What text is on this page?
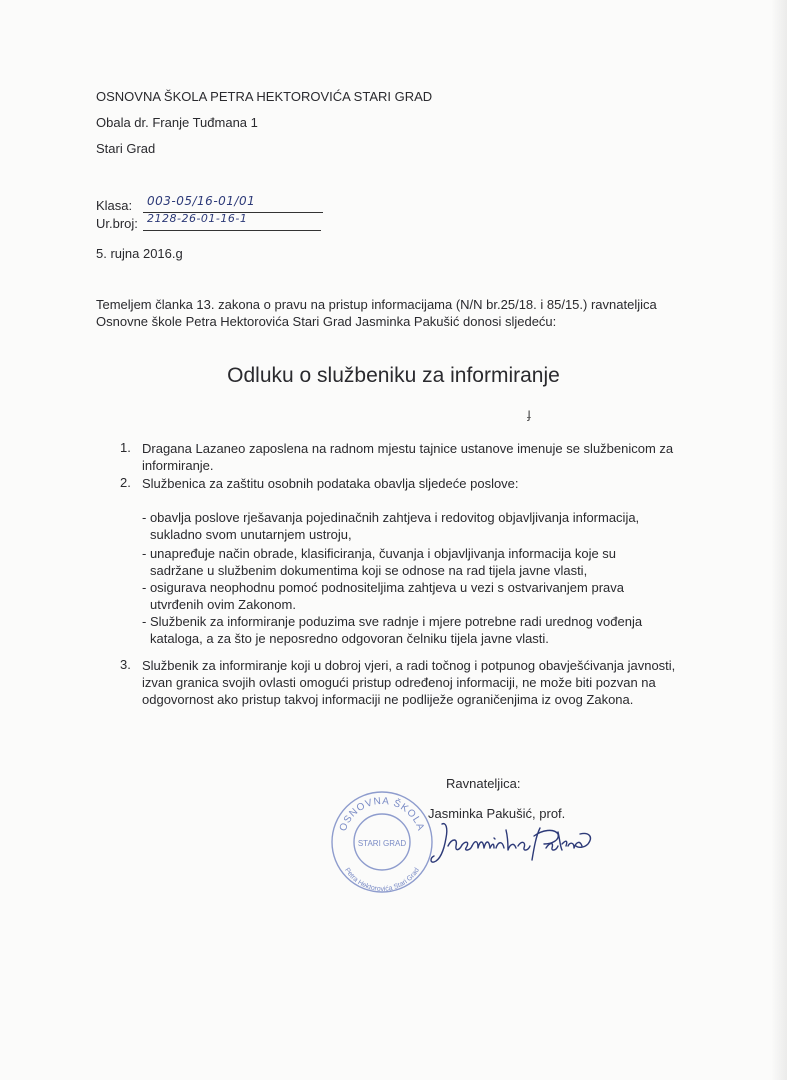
OSNOVNA ŠKOLA PETRA HEKTOROVIĆA STARI GRAD
Obala dr. Franje Tuđmana 1
Stari Grad
Klasa: 003-05/16-01/01
Ur.broj: 2128-26-01-16-1
5. rujna 2016.g
Temeljem članka 13. zakona o pravu na pristup informacijama (N/N br.25/18. i 85/15.) ravnateljica
Osnovne škole Petra Hektorovića Stari Grad Jasminka Pakušić donosi sljedeću:
Odluku o službeniku za informiranje
ɟ
1. Dragana Lazaneo zaposlena na radnom mjestu tajnice ustanove imenuje se službenicom za
informiranje.
2. Službenica za zaštitu osobnih podataka obavlja sljedeće poslove:
- obavlja poslove rješavanja pojedinačnih zahtjeva i redovitog objavljivanja informacija,
sukladno svom unutarnjem ustroju,
- unapređuje način obrade, klasificiranja, čuvanja i objavljivanja informacija koje su
sadržane u službenim dokumentima koji se odnose na rad tijela javne vlasti,
- osigurava neophodnu pomoć podnositeljima zahtjeva u vezi s ostvarivanjem prava
utvrđenih ovim Zakonom.
- Službenik za informiranje poduzima sve radnje i mjere potrebne radi urednog vođenja
kataloga, a za što je neposredno odgovoran čelniku tijela javne vlasti.
3. Službenik za informiranje koji u dobroj vjeri, a radi točnog i potpunog obavješćivanja javnosti,
izvan granica svojih ovlasti omogući pristup određenoj informaciji, ne može biti pozvan na
odgovornost ako pristup takvoj informaciji ne podliježe ograničenjima iz ovog Zakona.
Ravnateljica:
Jasminka Pakušić, prof.
OSNOVNA ŠKOLA
STARI GRAD
Petra Hektorovića Stari Grad
